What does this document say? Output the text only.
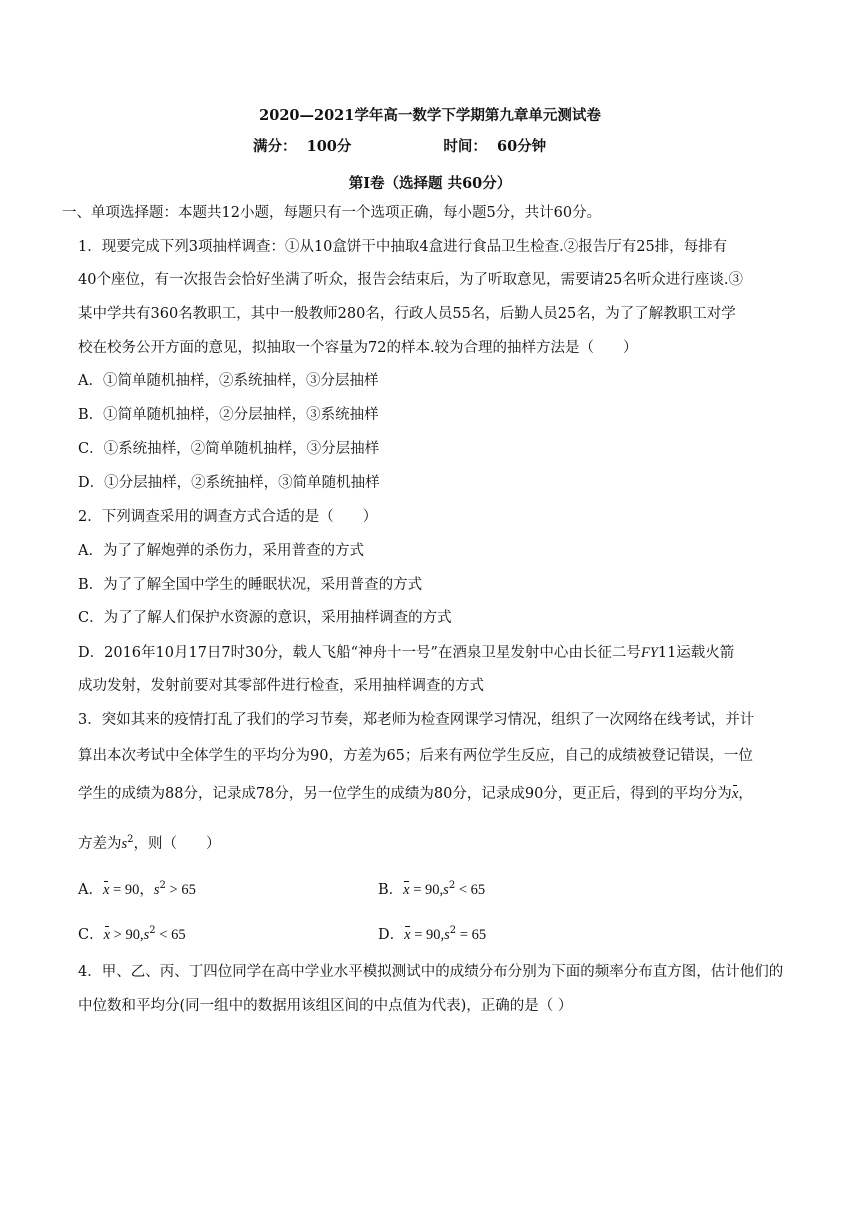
2020—2021学年高一数学下学期第九章单元测试卷
满分： 100分	时间： 60分钟
第Ⅰ卷（选择题 共60分）
一、单项选择题：本题共12小题，每题只有一个选项正确，每小题5分，共计60分。
1．现要完成下列3项抽样调查：①从10盒饼干中抽取4盒进行食品卫生检查.②报告厅有25排，每排有
40个座位，有一次报告会恰好坐满了听众，报告会结束后，为了听取意见，需要请25名听众进行座谈.③
某中学共有360名教职工，其中一般教师280名，行政人员55名，后勤人员25名，为了了解教职工对学
校在校务公开方面的意见，拟抽取一个容量为72的样本.较为合理的抽样方法是（　　）
A．①简单随机抽样，②系统抽样，③分层抽样
B．①简单随机抽样，②分层抽样，③系统抽样
C．①系统抽样，②简单随机抽样，③分层抽样
D．①分层抽样，②系统抽样，③简单随机抽样
2．下列调查采用的调查方式合适的是（　　）
A．为了了解炮弹的杀伤力，采用普查的方式
B．为了了解全国中学生的睡眠状况，采用普查的方式
C．为了了解人们保护水资源的意识，采用抽样调查的方式
D．2016年10月17日7时30分，载人飞船“神舟十一号”在酒泉卫星发射中心由长征二号FY11运载火箭
成功发射，发射前要对其零部件进行检查，采用抽样调查的方式
3．突如其来的疫情打乱了我们的学习节奏，郑老师为检查网课学习情况，组织了一次网络在线考试，并计
算出本次考试中全体学生的平均分为90，方差为65；后来有两位学生反应，自己的成绩被登记错误，一位
学生的成绩为88分，记录成78分，另一位学生的成绩为80分，记录成90分，更正后，得到的平均分为x，
方差为$s^2$，则（　　）
A．x = 90，$s^2 > 65$	B．$x = 90,s^2 < 65$
C．$x > 90,s^2 < 65$	D．$x = 90,s^2 = 65$
4．甲、乙、丙、丁四位同学在高中学业水平模拟测试中的成绩分布分别为下面的频率分布直方图，估计他们的
中位数和平均分(同一组中的数据用该组区间的中点值为代表)，正确的是（ ）
